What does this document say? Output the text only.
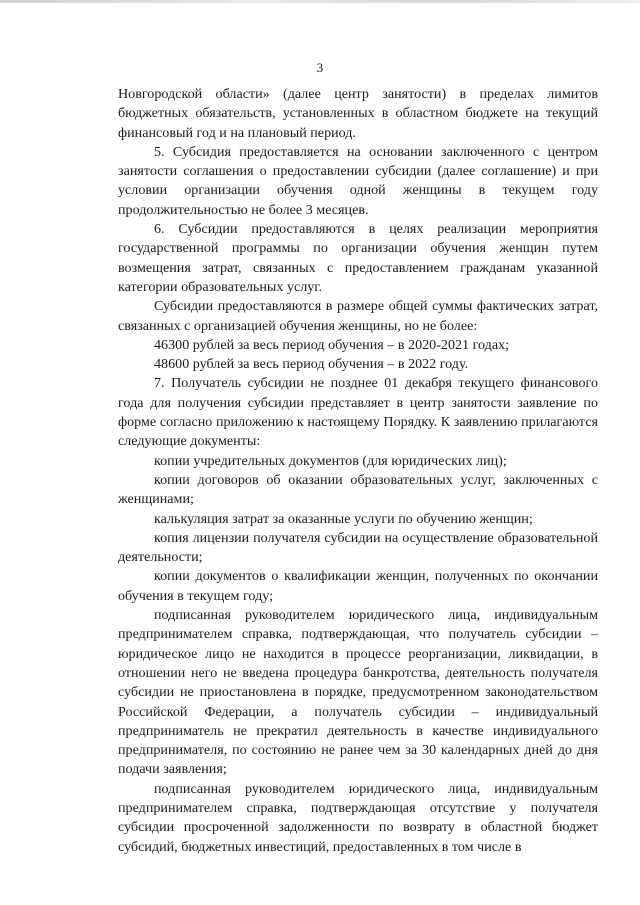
3

Новгородской области» (далее центр занятости) в пределах лимитов бюджетных обязательств, установленных в областном бюджете на текущий финансовый год и на плановый период.

5. Субсидия предоставляется на основании заключенного с центром занятости соглашения о предоставлении субсидии (далее соглашение) и при условии организации обучения одной женщины в текущем году продолжительностью не более 3 месяцев.

6. Субсидии предоставляются в целях реализации мероприятия государственной программы по организации обучения женщин путем возмещения затрат, связанных с предоставлением гражданам указанной категории образовательных услуг.

Субсидии предоставляются в размере общей суммы фактических затрат, связанных с организацией обучения женщины, но не более:

46300 рублей за весь период обучения – в 2020-2021 годах;

48600 рублей за весь период обучения – в 2022 году.

7. Получатель субсидии не позднее 01 декабря текущего финансового года для получения субсидии представляет в центр занятости заявление по форме согласно приложению к настоящему Порядку. К заявлению прилагаются следующие документы:

копии учредительных документов (для юридических лиц);

копии договоров об оказании образовательных услуг, заключенных с женщинами;

калькуляция затрат за оказанные услуги по обучению женщин;

копия лицензии получателя субсидии на осуществление образовательной деятельности;

копии документов о квалификации женщин, полученных по окончании обучения в текущем году;

подписанная руководителем юридического лица, индивидуальным предпринимателем справка, подтверждающая, что получатель субсидии – юридическое лицо не находится в процессе реорганизации, ликвидации, в отношении него не введена процедура банкротства, деятельность получателя субсидии не приостановлена в порядке, предусмотренном законодательством Российской Федерации, а получатель субсидии – индивидуальный предприниматель не прекратил деятельность в качестве индивидуального предпринимателя, по состоянию не ранее чем за 30 календарных дней до дня подачи заявления;

подписанная руководителем юридического лица, индивидуальным предпринимателем справка, подтверждающая отсутствие у получателя субсидии просроченной задолженности по возврату в областной бюджет субсидий, бюджетных инвестиций, предоставленных в том числе в
